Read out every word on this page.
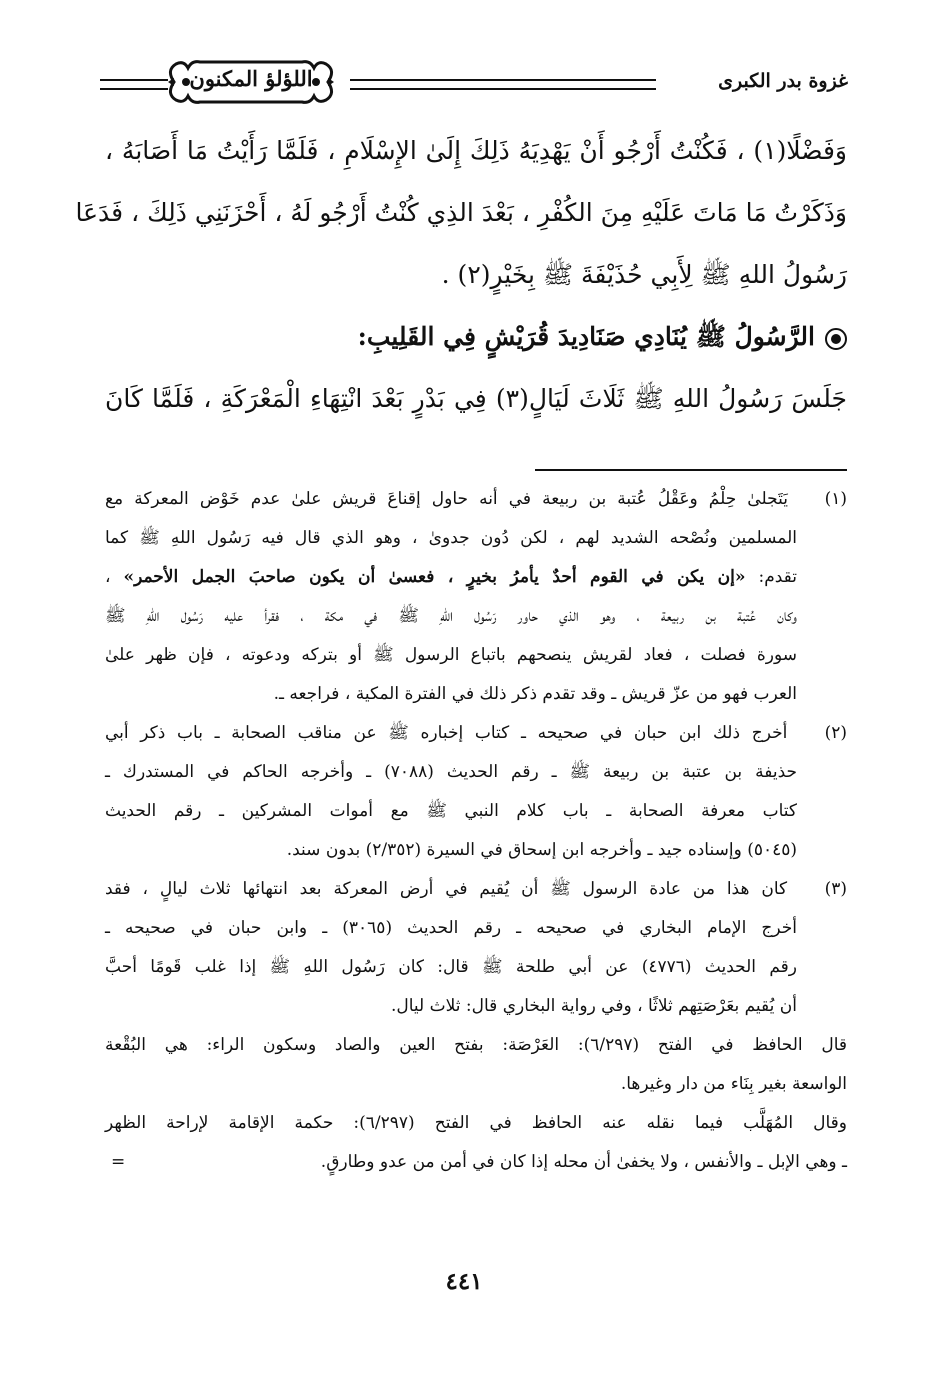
غزوة بدر الكبرى
اللؤلؤ المكنون
وَفَضْلًا(١) ، فَكُنْتُ أَرْجُو أَنْ يَهْدِيَهُ ذَلِكَ إِلَىٰ الإِسْلَامِ ، فَلَمَّا رَأَيْتُ مَا أَصَابَهُ ،
وَذَكَرْتُ مَا مَاتَ عَلَيْهِ مِنَ الكُفْرِ ، بَعْدَ الذِي كُنْتُ أَرْجُو لَهُ ، أَحْزَنَنِي ذَلِكَ ، فَدَعَا
رَسُولُ اللهِ ﷺ لِأَبِي حُذَيْفَةَ ﷺ بِخَيْرٍ(٢) .
الرَّسُولُ ﷺ يُنَادِي صَنَادِيدَ قُرَيْشٍ فِي القَلِيبِ:
جَلَسَ رَسُولُ اللهِ ﷺ ثَلَاثَ لَيَالٍ(٣) فِي بَدْرٍ بَعْدَ انْتِهَاءِ الْمَعْرَكَةِ ، فَلَمَّا كَانَ
(١) يَتَجلىٰ حِلْمُ وعَقْلُ عُتبة بن ربيعة في أنه حاول إقناعَ قريش علىٰ عدم خَوْض المعركة مع
المسلمين ونُصْحه الشديد لهم ، لكن دُون جدوىٰ ، وهو الذي قال فيه رَسُول اللهِ ﷺ كما
تقدم: «إن يكن في القوم أحدٌ يأمرُ بخيرٍ ، فعسىٰ أن يكون صاحبَ الجمل الأحمر» ،
وكان عُتبة بن ربيعة ، وهو الذي حاور رَسُول اللهِ ﷺ في مكة ، فقرأ عليه رَسُول اللهِ ﷺ
سورة فصلت ، فعاد لقريش ينصحهم باتباع الرسول ﷺ أو بتركه ودعوته ، فإن ظهر علىٰ
العرب فهو من عزّ قريش ـ وقد تقدم ذكر ذلك في الفترة المكية ، فراجعه ـ.
(٢) أخرج ذلك ابن حبان في صحيحه ـ كتاب إخباره ﷺ عن مناقب الصحابة ـ باب ذكر أبي
حذيفة بن عتبة بن ربيعة ﷺ ـ رقم الحديث (٧٠٨٨) ـ وأخرجه الحاكم في المستدرك ـ
كتاب معرفة الصحابة ـ باب كلام النبي ﷺ مع أموات المشركين ـ رقم الحديث
(٥٠٤٥) وإسناده جيد ـ وأخرجه ابن إسحاق في السيرة (٢/٣٥٢) بدون سند.
(٣) كان هذا من عادة الرسول ﷺ أن يُقيم في أرض المعركة بعد انتهائها ثلاث ليالٍ ، فقد
أخرج الإمام البخاري في صحيحه ـ رقم الحديث (٣٠٦٥) ـ وابن حبان في صحيحه ـ
رقم الحديث (٤٧٧٦) عن أبي طلحة ﷺ قال: كان رَسُول اللهِ ﷺ إذا غلب قَومًا أحبَّ
أن يُقيم بعَرْصَتِهم ثلاثًا ، وفي رواية البخاري قال: ثلاث ليال.
قال الحافظ في الفتح (٦/٢٩٧): العَرْصَة: بفتح العين والصاد وسكون الراء: هي البُقْعة
الواسعة بغير بِنَاء من دار وغيرها.
وقال المُهَلَّب فيما نقله عنه الحافظ في الفتح (٦/٢٩٧): حكمة الإقامة لإراحة الظهر
ـ وهي الإبل ـ والأنفس ، ولا يخفىٰ أن محله إذا كان في أمن من عدو وطارقٍ.
=
٤٤١
